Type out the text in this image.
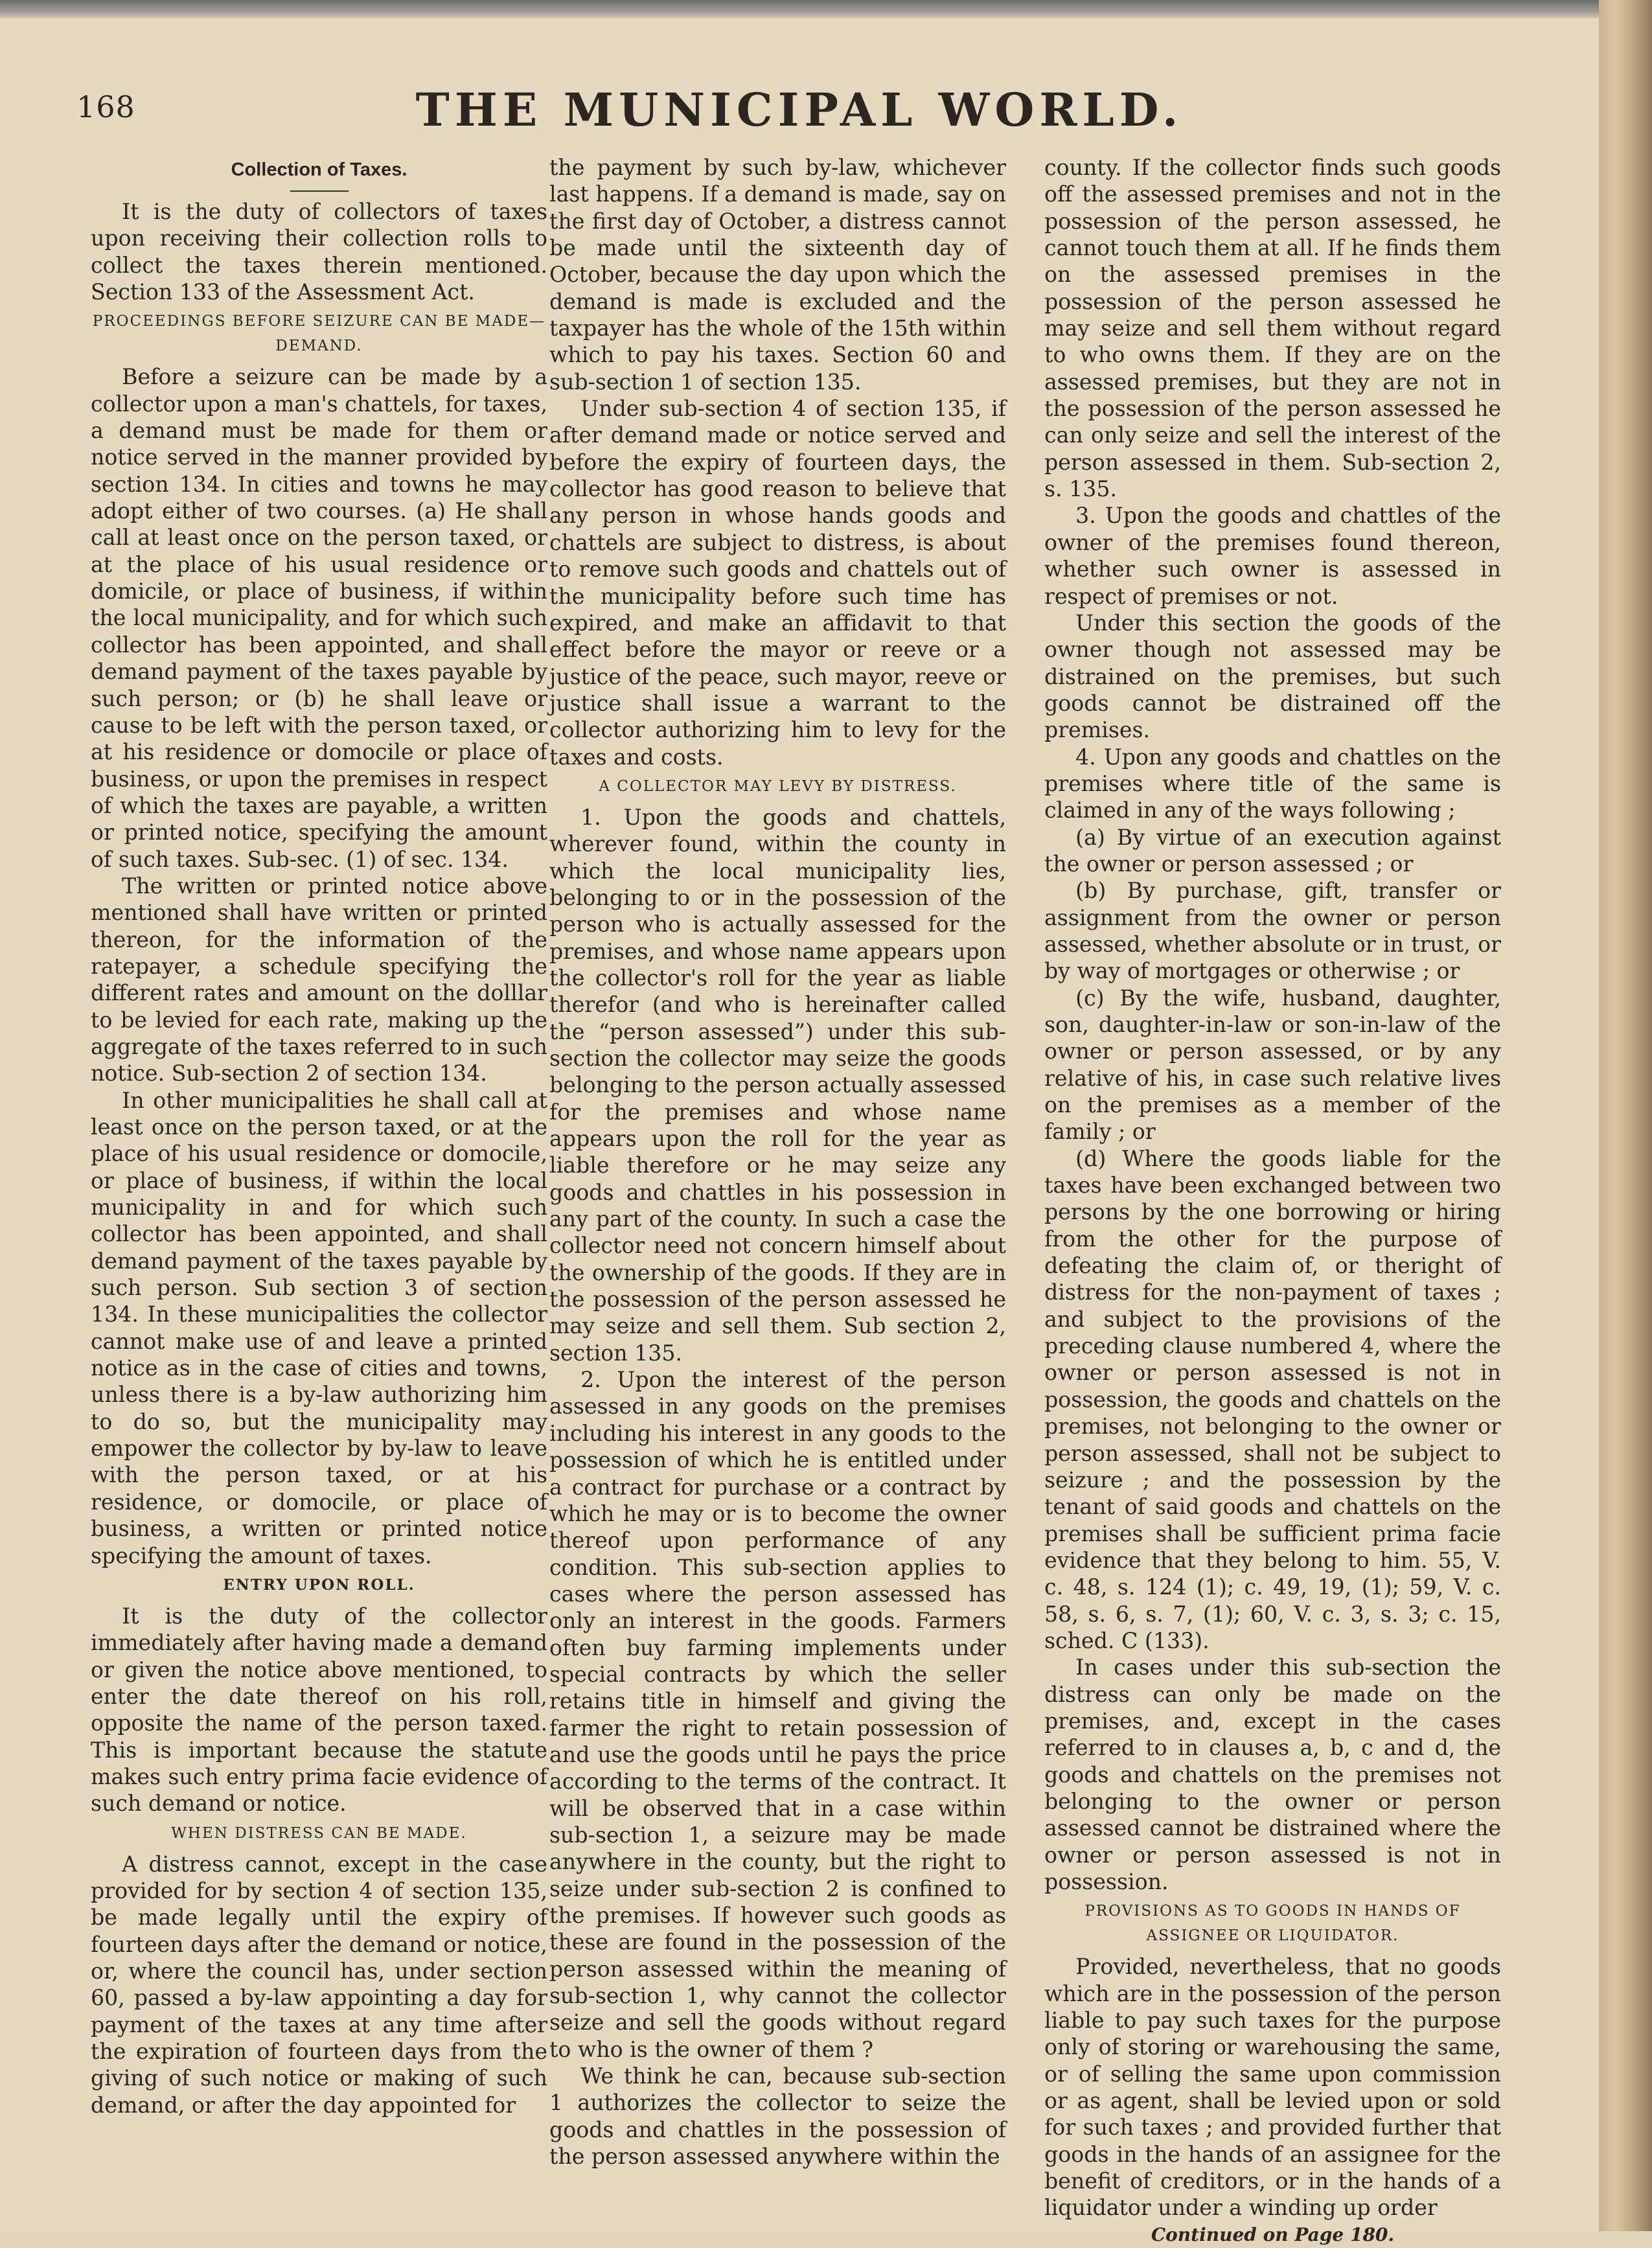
168	THE MUNICIPAL WORLD.
Collection of Taxes.

It is the duty of collectors of taxes upon receiving their collection rolls to collect the taxes therein mentioned. Section 133 of the Assessment Act.

PROCEEDINGS BEFORE SEIZURE CAN BE MADE—DEMAND.

Before a seizure can be made by a collector upon a man's chattels, for taxes, a demand must be made for them or notice served in the manner provided by section 134. In cities and towns he may adopt either of two courses. (a) He shall call at least once on the person taxed, or at the place of his usual residence or domicile, or place of business, if within the local municipality, and for which such collector has been appointed, and shall demand payment of the taxes payable by such person; or (b) he shall leave or cause to be left with the person taxed, or at his residence or domocile or place of business, or upon the premises in respect of which the taxes are payable, a written or printed notice, specifying the amount of such taxes. Sub-sec. (1) of sec. 134.

The written or printed notice above mentioned shall have written or printed thereon, for the information of the ratepayer, a schedule specifying the different rates and amount on the dolllar to be levied for each rate, making up the aggregate of the taxes referred to in such notice. Sub-section 2 of section 134.

In other municipalities he shall call at least once on the person taxed, or at the place of his usual residence or domocile, or place of business, if within the local municipality in and for which such collector has been appointed, and shall demand payment of the taxes payable by such person. Sub section 3 of section 134. In these municipalities the collector cannot make use of and leave a printed notice as in the case of cities and towns, unless there is a by-law authorizing him to do so, but the municipality may empower the collector by by-law to leave with the person taxed, or at his residence, or domocile, or place of business, a written or printed notice specifying the amount of taxes.

ENTRY UPON ROLL.

It is the duty of the collector immediately after having made a demand or given the notice above mentioned, to enter the date thereof on his roll, opposite the name of the person taxed. This is important because the statute makes such entry prima facie evidence of such demand or notice.

WHEN DISTRESS CAN BE MADE.

A distress cannot, except in the case provided for by section 4 of section 135, be made legally until the expiry of fourteen days after the demand or notice, or, where the council has, under section 60, passed a by-law appointing a day for payment of the taxes at any time after the expiration of fourteen days from the giving of such notice or making of such demand, or after the day appointed for

the payment by such by-law, whichever last happens. If a demand is made, say on the first day of October, a distress cannot be made until the sixteenth day of October, because the day upon which the demand is made is excluded and the taxpayer has the whole of the 15th within which to pay his taxes. Section 60 and sub-section 1 of section 135.

Under sub-section 4 of section 135, if after demand made or notice served and before the expiry of fourteen days, the collector has good reason to believe that any person in whose hands goods and chattels are subject to distress, is about to remove such goods and chattels out of the municipality before such time has expired, and make an affidavit to that effect before the mayor or reeve or a justice of the peace, such mayor, reeve or justice shall issue a warrant to the collector authorizing him to levy for the taxes and costs.

A COLLECTOR MAY LEVY BY DISTRESS.

1. Upon the goods and chattels, wherever found, within the county in which the local municipality lies, belonging to or in the possession of the person who is actually assessed for the premises, and whose name appears upon the collector's roll for the year as liable therefor (and who is hereinafter called the “person assessed”) under this sub-section the collector may seize the goods belonging to the person actually assessed for the premises and whose name appears upon the roll for the year as liable therefore or he may seize any goods and chattles in his possession in any part of the county. In such a case the collector need not concern himself about the ownership of the goods. If they are in the possession of the person assessed he may seize and sell them. Sub section 2, section 135.

2. Upon the interest of the person assessed in any goods on the premises including his interest in any goods to the possession of which he is entitled under a contract for purchase or a contract by which he may or is to become the owner thereof upon performance of any condition. This sub-section applies to cases where the person assessed has only an interest in the goods. Farmers often buy farming implements under special contracts by which the seller retains title in himself and giving the farmer the right to retain possession of and use the goods until he pays the price according to the terms of the contract. It will be observed that in a case within sub-section 1, a seizure may be made anywhere in the county, but the right to seize under sub-section 2 is confined to the premises. If however such goods as these are found in the possession of the person assessed within the meaning of sub-section 1, why cannot the collector seize and sell the goods without regard to who is the owner of them ?

We think he can, because sub-section 1 authorizes the collector to seize the goods and chattles in the possession of the person assessed anywhere within the

county. If the collector finds such goods off the assessed premises and not in the possession of the person assessed, he cannot touch them at all. If he finds them on the assessed premises in the possession of the person assessed he may seize and sell them without regard to who owns them. If they are on the assessed premises, but they are not in the possession of the person assessed he can only seize and sell the interest of the person assessed in them. Sub-section 2, s. 135.

3. Upon the goods and chattles of the owner of the premises found thereon, whether such owner is assessed in respect of premises or not.

Under this section the goods of the owner though not assessed may be distrained on the premises, but such goods cannot be distrained off the premises.

4. Upon any goods and chattles on the premises where title of the same is claimed in any of the ways following ;

(a) By virtue of an execution against the owner or person assessed ; or

(b) By purchase, gift, transfer or assignment from the owner or person assessed, whether absolute or in trust, or by way of mortgages or otherwise ; or

(c) By the wife, husband, daughter, son, daughter-in-law or son-in-law of the owner or person assessed, or by any relative of his, in case such relative lives on the premises as a member of the family ; or

(d) Where the goods liable for the taxes have been exchanged between two persons by the one borrowing or hiring from the other for the purpose of defeating the claim of, or theright of distress for the non-payment of taxes ; and subject to the provisions of the preceding clause numbered 4, where the owner or person assessed is not in possession, the goods and chattels on the premises, not belonging to the owner or person assessed, shall not be subject to seizure ; and the possession by the tenant of said goods and chattels on the premises shall be sufficient prima facie evidence that they belong to him. 55, V. c. 48, s. 124 (1); c. 49, 19, (1); 59, V. c. 58, s. 6, s. 7, (1); 60, V. c. 3, s. 3; c. 15, sched. C (133).

In cases under this sub-section the distress can only be made on the premises, and, except in the cases referred to in clauses a, b, c and d, the goods and chattels on the premises not belonging to the owner or person assessed cannot be distrained where the owner or person assessed is not in possession.

PROVISIONS AS TO GOODS IN HANDS OF ASSIGNEE OR LIQUIDATOR.

Provided, nevertheless, that no goods which are in the possession of the person liable to pay such taxes for the purpose only of storing or warehousing the same, or of selling the same upon commission or as agent, shall be levied upon or sold for such taxes ; and provided further that goods in the hands of an assignee for the benefit of creditors, or in the hands of a liquidator under a winding up order

Continued on Page 180.
